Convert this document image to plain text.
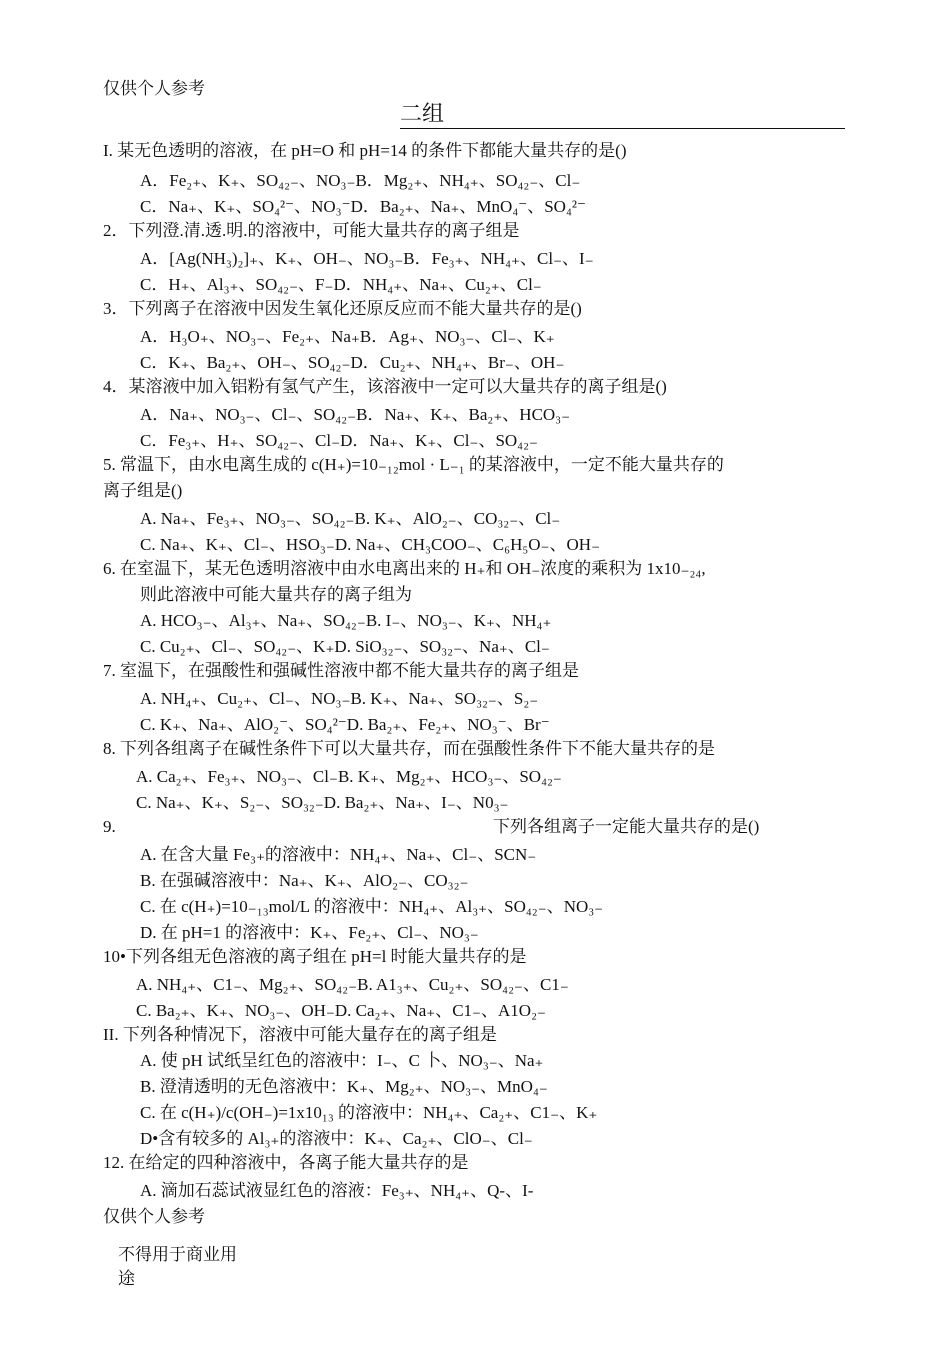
仅供个人参考
二组
I. 某无色透明的溶液，在 pH=O 和 pH=14 的条件下都能大量共存的是()
A．Fe₂₊、K₊、SO₄₂₋、NO₃₋B．Mg₂₊、NH₄₊、SO₄₂₋、Cl₋
C．Na₊、K₊、SO₄²⁻、NO₃⁻D．Ba₂₊、Na₊、MnO₄⁻、SO₄²⁻
2．下列澄.清.透.明.的溶液中，可能大量共存的离子组是
A．[Ag(NH₃)₂]₊、K₊、OH₋、NO₃₋B．Fe₃₊、NH₄₊、Cl₋、I₋
C．H₊、Al₃₊、SO₄₂₋、F₋D．NH₄₊、Na₊、Cu₂₊、Cl₋
3．下列离子在溶液中因发生氧化还原反应而不能大量共存的是()
A．H₃O₊、NO₃₋、Fe₂₊、Na₊B．Ag₊、NO₃₋、Cl₋、K₊
C．K₊、Ba₂₊、OH₋、SO₄₂₋D．Cu₂₊、NH₄₊、Br₋、OH₋
4．某溶液中加入铝粉有氢气产生，该溶液中一定可以大量共存的离子组是()
A．Na₊、NO₃₋、Cl₋、SO₄₂₋B．Na₊、K₊、Ba₂₊、HCO₃₋
C．Fe₃₊、H₊、SO₄₂₋、Cl₋D．Na₊、K₊、Cl₋、SO₄₂₋
5. 常温下，由水电离生成的 c(H₊)=10₋₁₂mol · L₋₁ 的某溶液中，一定不能大量共存的
离子组是()
A. Na₊、Fe₃₊、NO₃₋、SO₄₂₋B. K₊、AlO₂₋、CO₃₂₋、Cl₋
C. Na₊、K₊、Cl₋、HSO₃₋D. Na₊、CH₃COO₋、C₆H₅O₋、OH₋
6. 在室温下，某无色透明溶液中由水电离出来的 H₊和 OH₋浓度的乘积为 1x10₋₂₄,
则此溶液中可能大量共存的离子组为
A. HCO₃₋、Al₃₊、Na₊、SO₄₂₋B. I₋、NO₃₋、K₊、NH₄₊
C. Cu₂₊、Cl₋、SO₄₂₋、K₊D. SiO₃₂₋、SO₃₂₋、Na₊、Cl₋
7. 室温下，在强酸性和强碱性溶液中都不能大量共存的离子组是
A. NH₄₊、Cu₂₊、Cl₋、NO₃₋B. K₊、Na₊、SO₃₂₋、S₂₋
C. K₊、Na₊、AlO₂⁻、SO₄²⁻D. Ba₂₊、Fe₂₊、NO₃⁻、Br⁻
8. 下列各组离子在碱性条件下可以大量共存，而在强酸性条件下不能大量共存的是
A. Ca₂₊、Fe₃₊、NO₃₋、Cl₋B. K₊、Mg₂₊、HCO₃₋、SO₄₂₋
C. Na₊、K₊、S₂₋、SO₃₂₋D. Ba₂₊、Na₊、I₋、N0₃₋
9.	下列各组离子一定能大量共存的是()
A. 在含大量 Fe₃₊的溶液中：NH₄₊、Na₊、Cl₋、SCN₋
B. 在强碱溶液中：Na₊、K₊、AlO₂₋、CO₃₂₋
C. 在 c(H₊)=10₋₁₃mol/L 的溶液中：NH₄₊、Al₃₊、SO₄₂₋、NO₃₋
D. 在 pH=1 的溶液中：K₊、Fe₂₊、Cl₋、NO₃₋
10•下列各组无色溶液的离子组在 pH=l 时能大量共存的是
A. NH₄₊、C1₋、Mg₂₊、SO₄₂₋B. A1₃₊、Cu₂₊、SO₄₂₋、C1₋
C. Ba₂₊、K₊、NO₃₋、OH₋D. Ca₂₊、Na₊、C1₋、A1O₂₋
II. 下列各种情况下，溶液中可能大量存在的离子组是
A. 使 pH 试纸呈红色的溶液中：I₋、C 卜、NO₃₋、Na₊
B. 澄清透明的无色溶液中：K₊、Mg₂₊、NO₃₋、MnO₄₋
C. 在 c(H₊)/c(OH₋)=1x10₁₃ 的溶液中：NH₄₊、Ca₂₊、C1₋、K₊
D•含有较多的 Al₃₊的溶液中：K₊、Ca₂₊、ClO₋、Cl₋
12. 在给定的四种溶液中，各离子能大量共存的是
A. 滴加石蕊试液显红色的溶液：Fe₃₊、NH₄₊、Q-、I-
仅供个人参考
不得用于商业用
途
